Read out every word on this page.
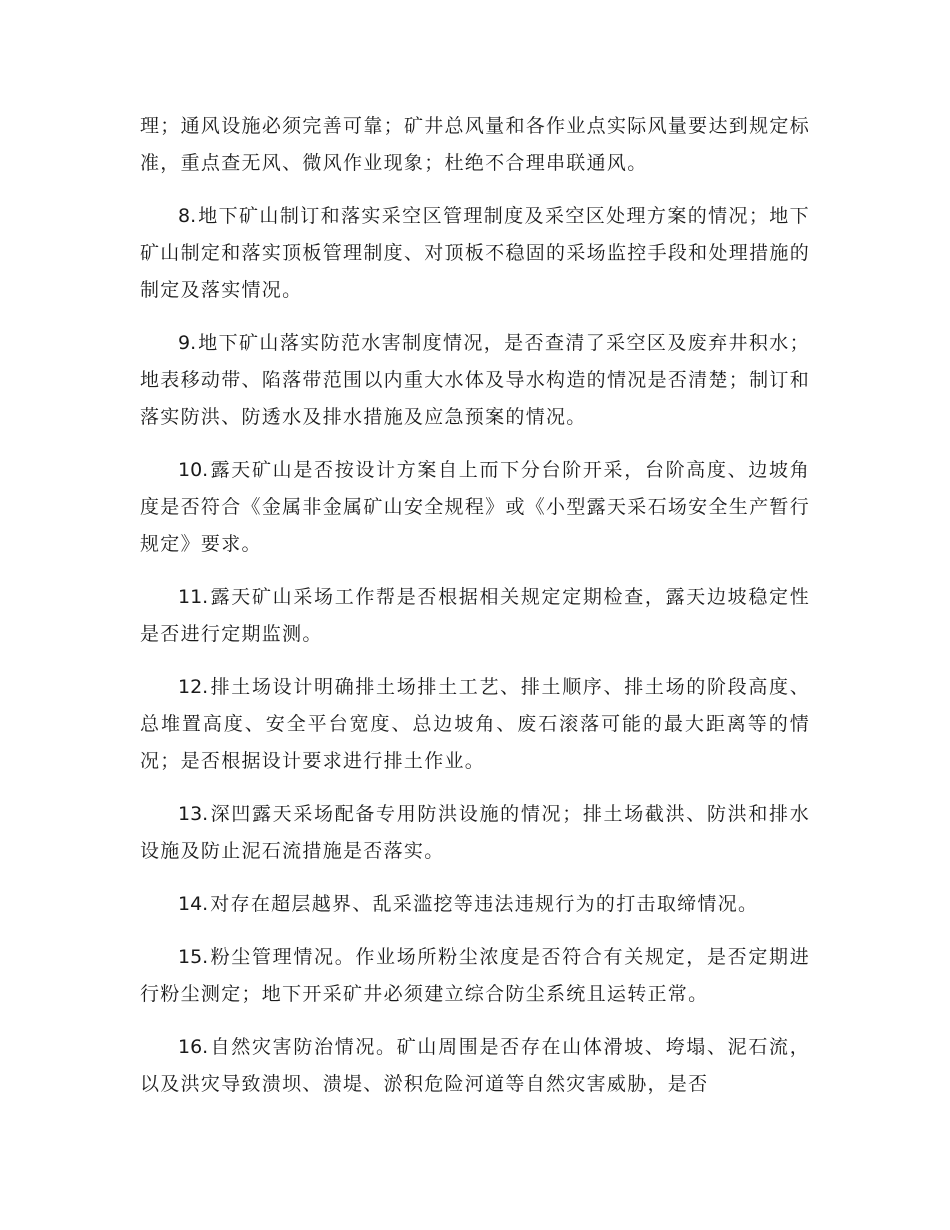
理；通风设施必须完善可靠；矿井总风量和各作业点实际风量要达到规定标准，重点查无风、微风作业现象；杜绝不合理串联通风。

8. 地下矿山制订和落实采空区管理制度及采空区处理方案的情况；地下矿山制定和落实顶板管理制度、对顶板不稳固的采场监控手段和处理措施的制定及落实情况。

9. 地下矿山落实防范水害制度情况，是否查清了采空区及废弃井积水；地表移动带、陷落带范围以内重大水体及导水构造的情况是否清楚；制订和落实防洪、防透水及排水措施及应急预案的情况。

10. 露天矿山是否按设计方案自上而下分台阶开采，台阶高度、边坡角度是否符合《金属非金属矿山安全规程》或《小型露天采石场安全生产暂行规定》要求。

11. 露天矿山采场工作帮是否根据相关规定定期检查，露天边坡稳定性是否进行定期监测。

12. 排土场设计明确排土场排土工艺、排土顺序、排土场的阶段高度、总堆置高度、安全平台宽度、总边坡角、废石滚落可能的最大距离等的情况；是否根据设计要求进行排土作业。

13. 深凹露天采场配备专用防洪设施的情况；排土场截洪、防洪和排水设施及防止泥石流措施是否落实。

14. 对存在超层越界、乱采滥挖等违法违规行为的打击取缔情况。

15. 粉尘管理情况。作业场所粉尘浓度是否符合有关规定，是否定期进行粉尘测定；地下开采矿井必须建立综合防尘系统且运转正常。

16. 自然灾害防治情况。矿山周围是否存在山体滑坡、垮塌、泥石流，以及洪灾导致溃坝、溃堤、淤积危险河道等自然灾害威胁，是否
